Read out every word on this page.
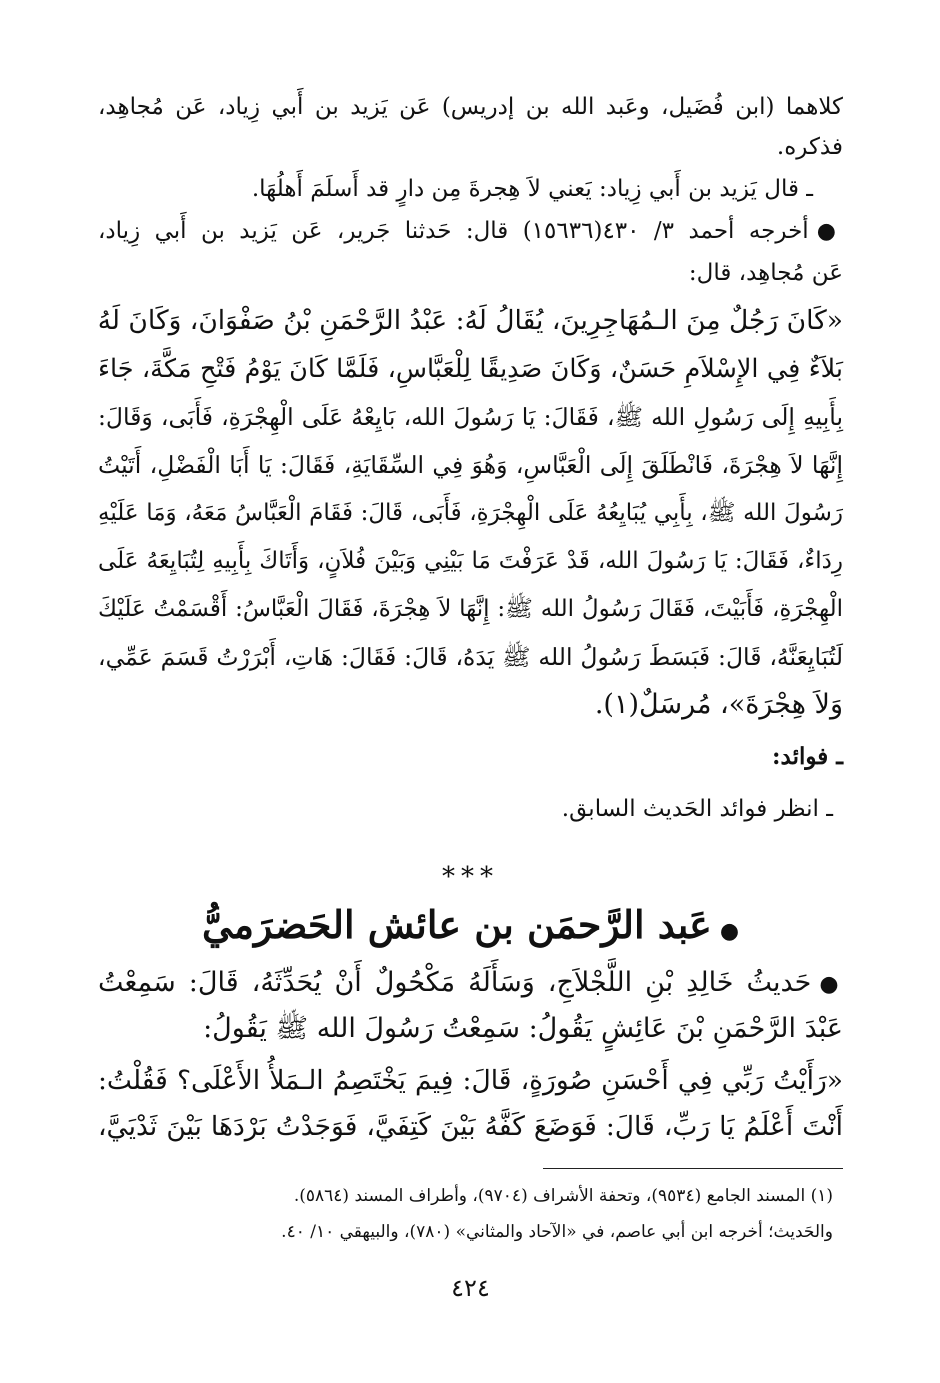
كلاهما (ابن فُضَيل، وعَبد الله بن إدريس) عَن يَزيد بن أَبي زِياد، عَن مُجاهِد،
فذكره.
ـ قال يَزيد بن أَبي زِياد: يَعني لاَ هِجرةَ مِن دارٍ قد أَسلَمَ أَهلُهَا.
●أخرجه أحمد ٣/ ٤٣٠(١٥٦٣٦) قال: حَدثنا جَرير، عَن يَزيد بن أَبي زِياد،
عَن مُجاهِد، قال:
«كَانَ رَجُلٌ مِنَ الـمُهَاجِرِينَ، يُقَالُ لَهُ: عَبْدُ الرَّحْمَنِ بْنُ صَفْوَانَ، وَكَانَ لَهُ
بَلاَءٌ فِي الإِسْلاَمِ حَسَنٌ، وَكَانَ صَدِيقًا لِلْعَبَّاسِ، فَلَمَّا كَانَ يَوْمُ فَتْحِ مَكَّةَ، جَاءَ
بِأَبِيهِ إِلَى رَسُولِ الله ﷺ، فَقَالَ: يَا رَسُولَ الله، بَايِعْهُ عَلَى الْهِجْرَةِ، فَأَبَى، وَقَالَ:
إِنَّهَا لاَ هِجْرَةَ، فَانْطَلَقَ إِلَى الْعَبَّاسِ، وَهُوَ فِي السِّقَايَةِ، فَقَالَ: يَا أَبَا الْفَضْلِ، أَتَيْتُ
رَسُولَ الله ﷺ، بِأَبِي يُبَايِعُهُ عَلَى الْهِجْرَةِ، فَأَبَى، قَالَ: فَقَامَ الْعَبَّاسُ مَعَهُ، وَمَا عَلَيْهِ
رِدَاءٌ، فَقَالَ: يَا رَسُولَ الله، قَدْ عَرَفْتَ مَا بَيْنِي وَبَيْنَ فُلاَنٍ، وَأَتَاكَ بِأَبِيهِ لِتُبَايِعَهُ عَلَى
الْهِجْرَةِ، فَأَبَيْتَ، فَقَالَ رَسُولُ الله ﷺ: إِنَّهَا لاَ هِجْرَةَ، فَقَالَ الْعَبَّاسُ: أَقْسَمْتُ عَلَيْكَ
لَتُبَايِعَنَّهُ، قَالَ: فَبَسَطَ رَسُولُ الله ﷺ يَدَهُ، قَالَ: فَقَالَ: هَاتِ، أَبْرَرْتُ قَسَمَ عَمِّي،
وَلاَ هِجْرَةَ»، مُرسَلٌ(١).
ـ فوائد:
ـ انظر فوائد الحَديث السابق.
***
●عَبد الرَّحمَن بن عائش الحَضرَميُّ
●حَديثُ خَالِدِ بْنِ اللَّجْلاَجِ، وَسَأَلَهُ مَكْحُولٌ أَنْ يُحَدِّثَهُ، قَالَ: سَمِعْتُ
عَبْدَ الرَّحْمَنِ بْنَ عَائِشٍ يَقُولُ: سَمِعْتُ رَسُولَ الله ﷺ يَقُولُ:
«رَأَيْتُ رَبِّي فِي أَحْسَنِ صُورَةٍ، قَالَ: فِيمَ يَخْتَصِمُ الـمَلأُ الأَعْلَى؟ فَقُلْتُ:
أَنْتَ أَعْلَمُ يَا رَبِّ، قَالَ: فَوَضَعَ كَفَّهُ بَيْنَ كَتِفَيَّ، فَوَجَدْتُ بَرْدَهَا بَيْنَ ثَدْيَيَّ،
(١) المسند الجامع (٩٥٣٤)، وتحفة الأشراف (٩٧٠٤)، وأطراف المسند (٥٨٦٤).
والحَديث؛ أخرجه ابن أبي عاصم، في «الآحاد والمثاني» (٧٨٠)، والبيهقي ١٠/ ٤٠.
٤٢٤
